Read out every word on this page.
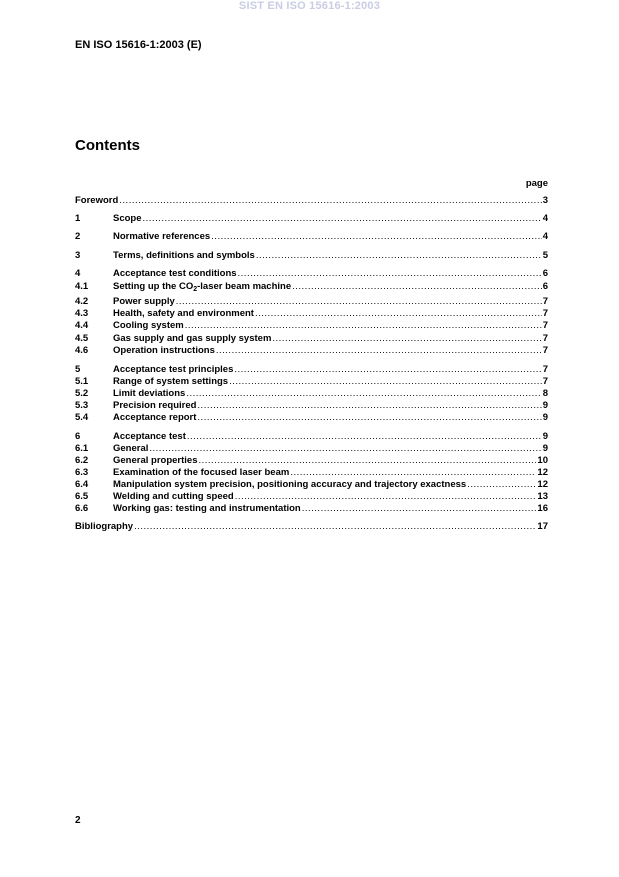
SIST EN ISO 15616-1:2003
EN ISO 15616-1:2003 (E)
Contents
page
Foreword .....	3
1	Scope .....	4
2	Normative references .....	4
3	Terms, definitions and symbols .....	5
4	Acceptance test conditions .....	6
4.1	Setting up the $CO_2$-laser beam machine .....	6
4.2	Power supply .....	7
4.3	Health, safety and environment .....	7
4.4	Cooling system .....	7
4.5	Gas supply and gas supply system .....	7
4.6	Operation instructions .....	7
5	Acceptance test principles .....	7
5.1	Range of system settings .....	7
5.2	Limit deviations .....	8
5.3	Precision required .....	9
5.4	Acceptance report .....	9
6	Acceptance test .....	9
6.1	General .....	9
6.2	General properties .....	10
6.3	Examination of the focused laser beam .....	12
6.4	Manipulation system precision, positioning accuracy and trajectory exactness .....	12
6.5	Welding and cutting speed .....	13
6.6	Working gas: testing and instrumentation .....	16
Bibliography .....	17
2
